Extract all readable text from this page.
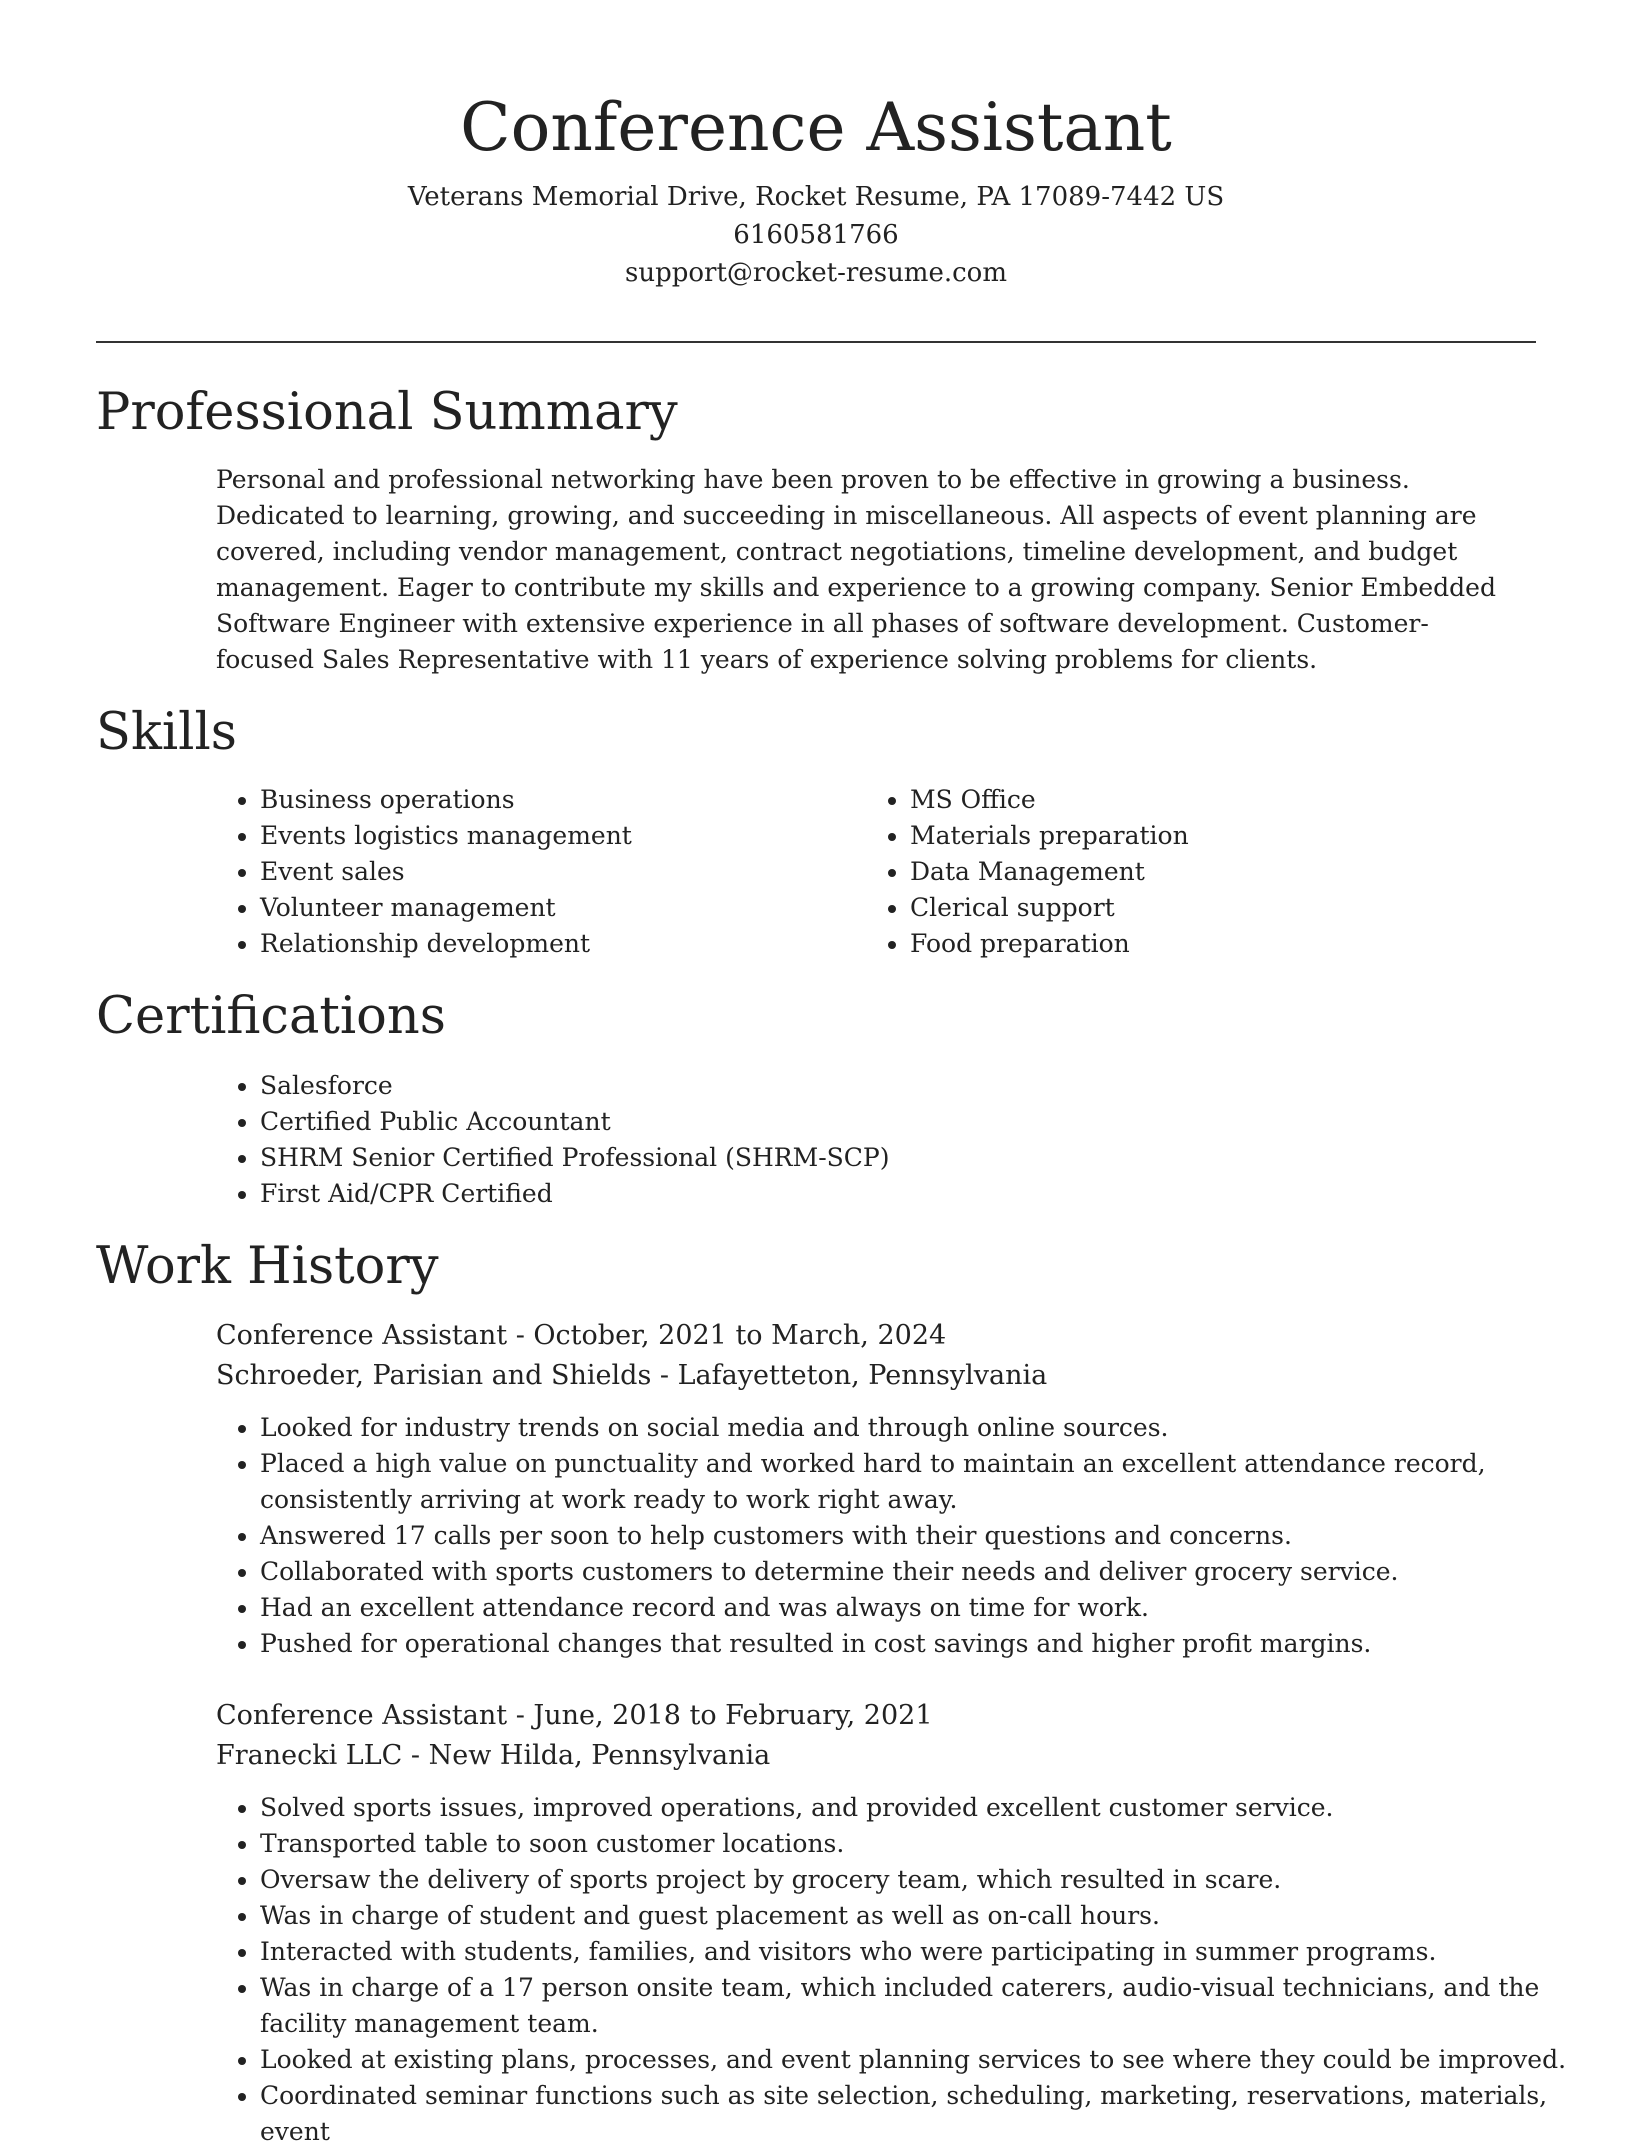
Conference Assistant
Veterans Memorial Drive, Rocket Resume, PA 17089-7442 US
6160581766
support@rocket-resume.com
Professional Summary
Personal and professional networking have been proven to be effective in growing a business. Dedicated to learning, growing, and succeeding in miscellaneous. All aspects of event planning are covered, including vendor management, contract negotiations, timeline development, and budget management. Eager to contribute my skills and experience to a growing company. Senior Embedded Software Engineer with extensive experience in all phases of software development. Customer-focused Sales Representative with 11 years of experience solving problems for clients.
Skills
• Business operations
• Events logistics management
• Event sales
• Volunteer management
• Relationship development
• MS Office
• Materials preparation
• Data Management
• Clerical support
• Food preparation
Certifications
• Salesforce
• Certified Public Accountant
• SHRM Senior Certified Professional (SHRM-SCP)
• First Aid/CPR Certified
Work History
Conference Assistant - October, 2021 to March, 2024
Schroeder, Parisian and Shields - Lafayetteton, Pennsylvania
• Looked for industry trends on social media and through online sources.
• Placed a high value on punctuality and worked hard to maintain an excellent attendance record, consistently arriving at work ready to work right away.
• Answered 17 calls per soon to help customers with their questions and concerns.
• Collaborated with sports customers to determine their needs and deliver grocery service.
• Had an excellent attendance record and was always on time for work.
• Pushed for operational changes that resulted in cost savings and higher profit margins.
Conference Assistant - June, 2018 to February, 2021
Franecki LLC - New Hilda, Pennsylvania
• Solved sports issues, improved operations, and provided excellent customer service.
• Transported table to soon customer locations.
• Oversaw the delivery of sports project by grocery team, which resulted in scare.
• Was in charge of student and guest placement as well as on-call hours.
• Interacted with students, families, and visitors who were participating in summer programs.
• Was in charge of a 17 person onsite team, which included caterers, audio-visual technicians, and the facility management team.
• Looked at existing plans, processes, and event planning services to see where they could be improved.
• Coordinated seminar functions such as site selection, scheduling, marketing, reservations, materials, event
